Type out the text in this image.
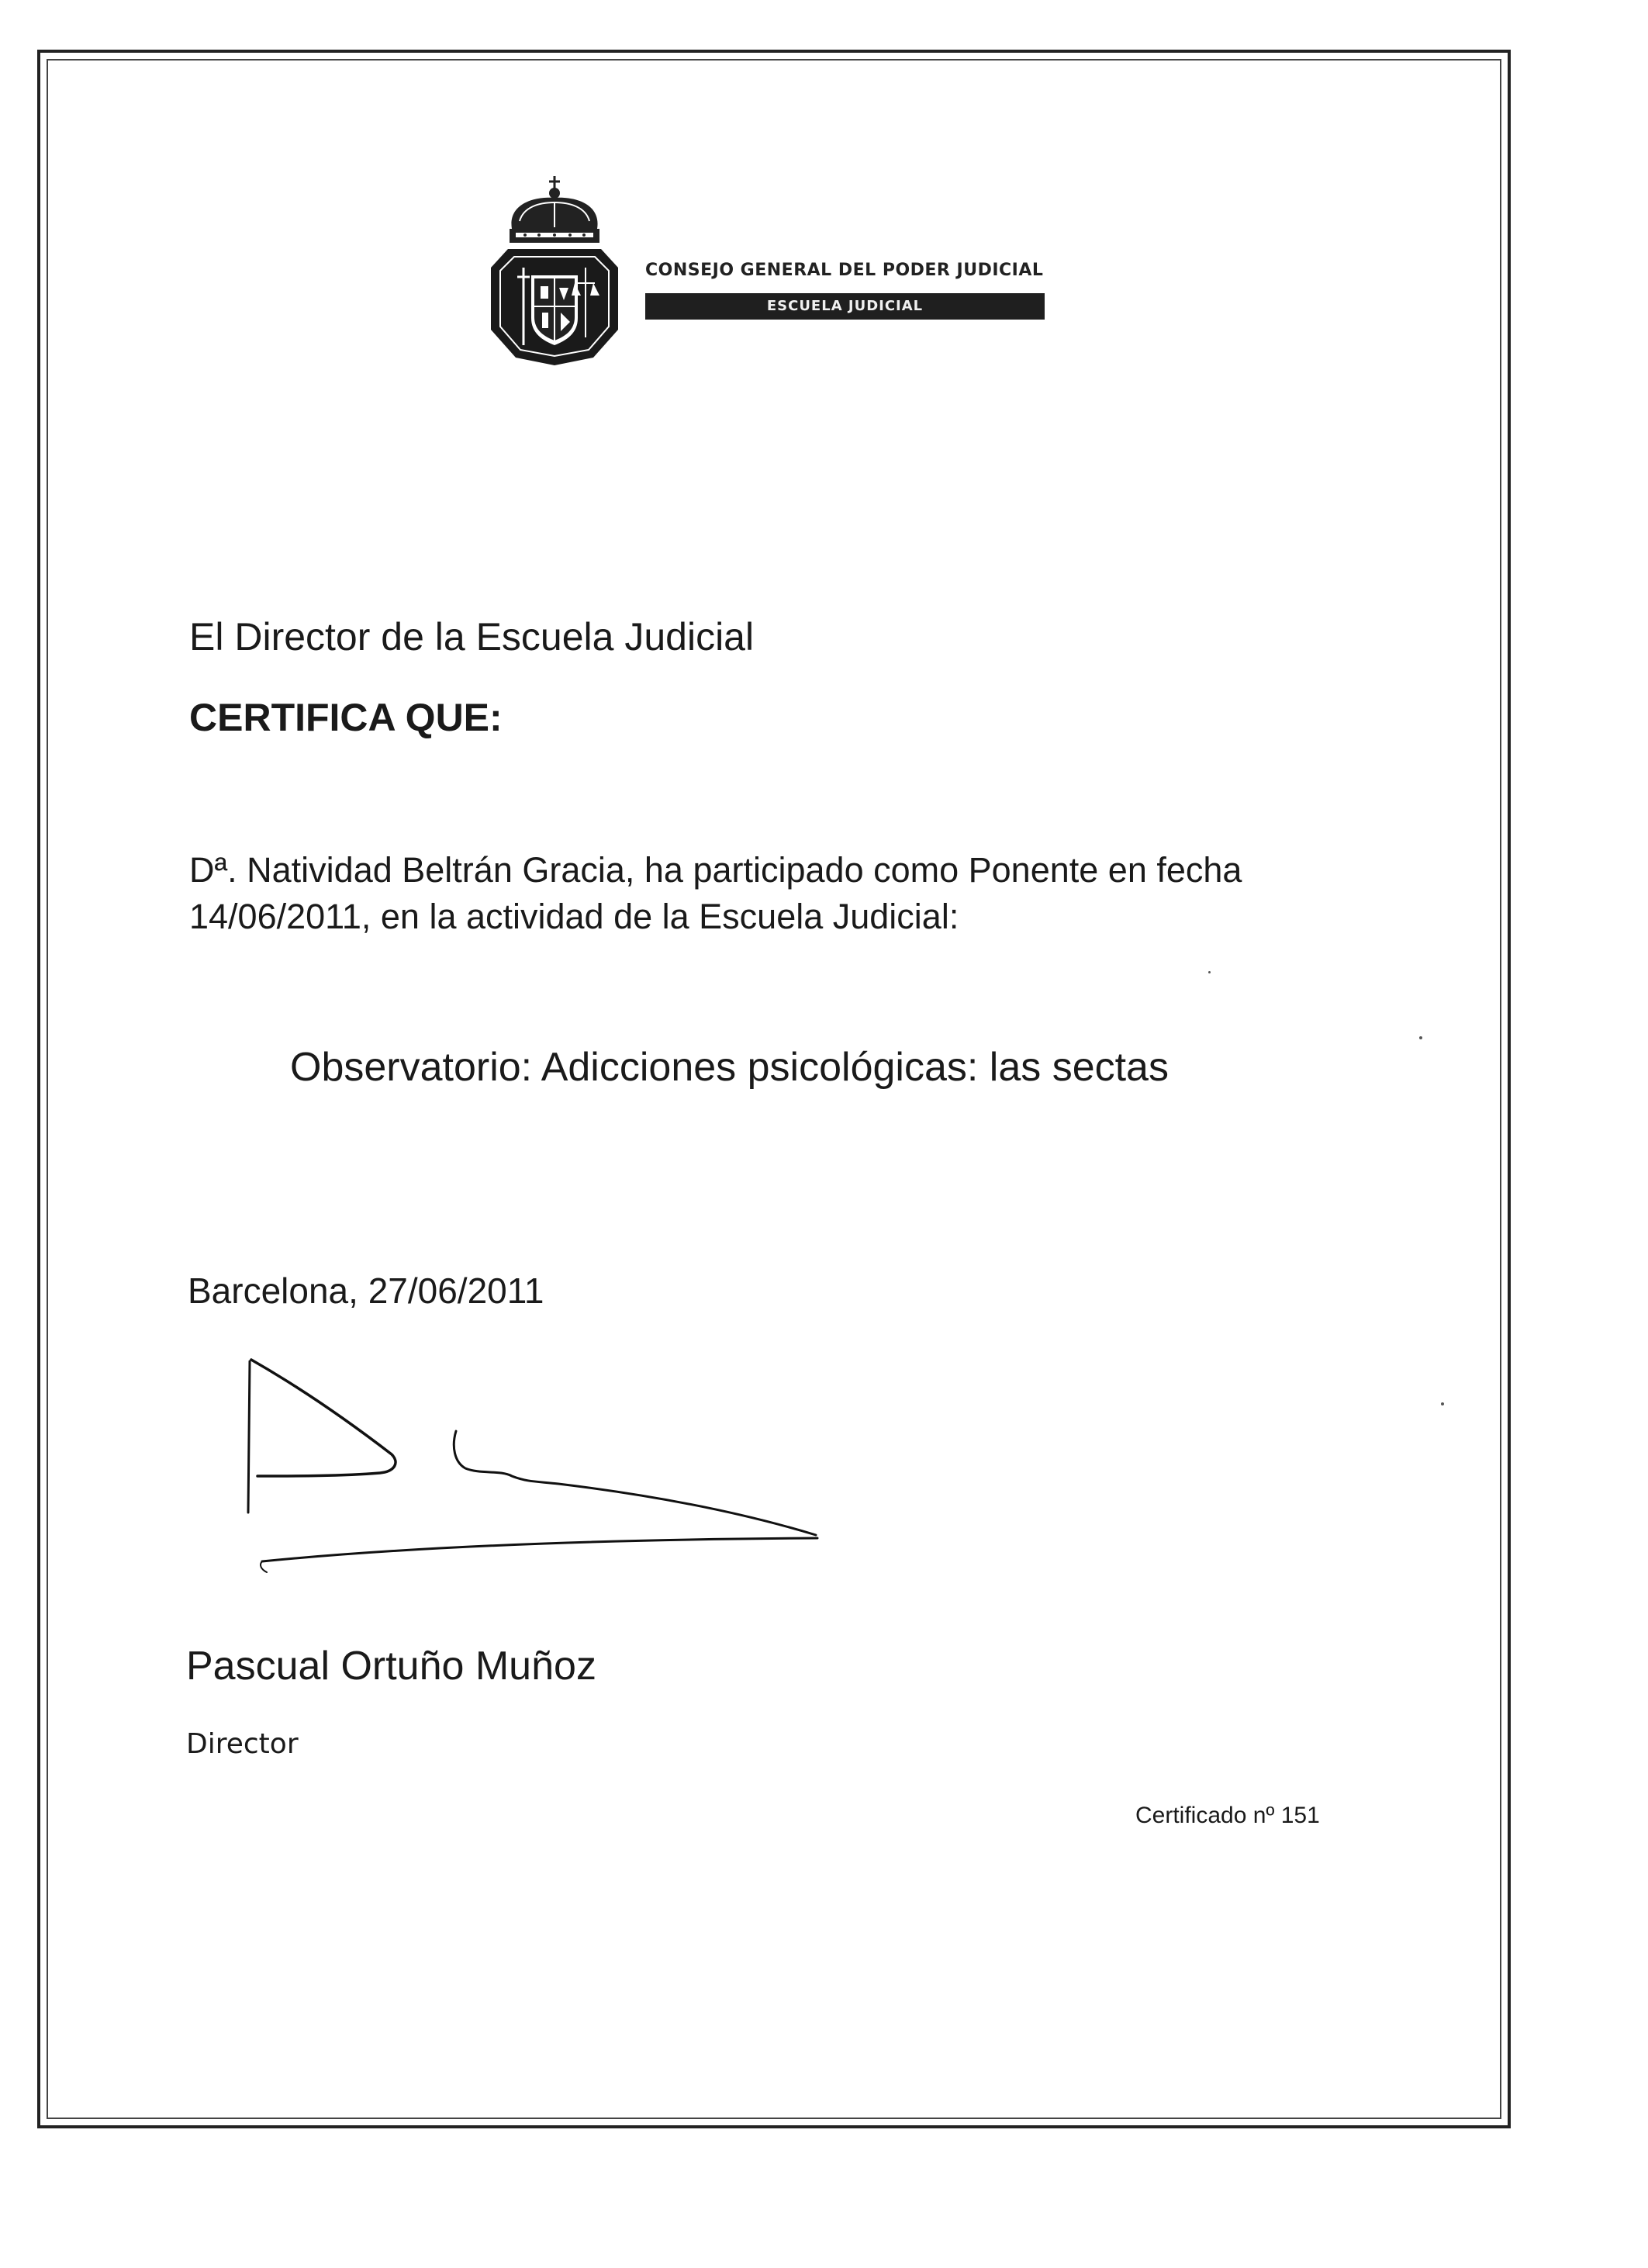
CONSEJO GENERAL DEL PODER JUDICIAL
ESCUELA JUDICIAL
El Director de la Escuela Judicial
CERTIFICA QUE:
Dª. Natividad Beltrán Gracia, ha participado como Ponente en fecha
14/06/2011, en la actividad de la Escuela Judicial:
Observatorio: Adicciones psicológicas: las sectas
Barcelona, 27/06/2011
Pascual Ortuño Muñoz
Director
Certificado nº 151
